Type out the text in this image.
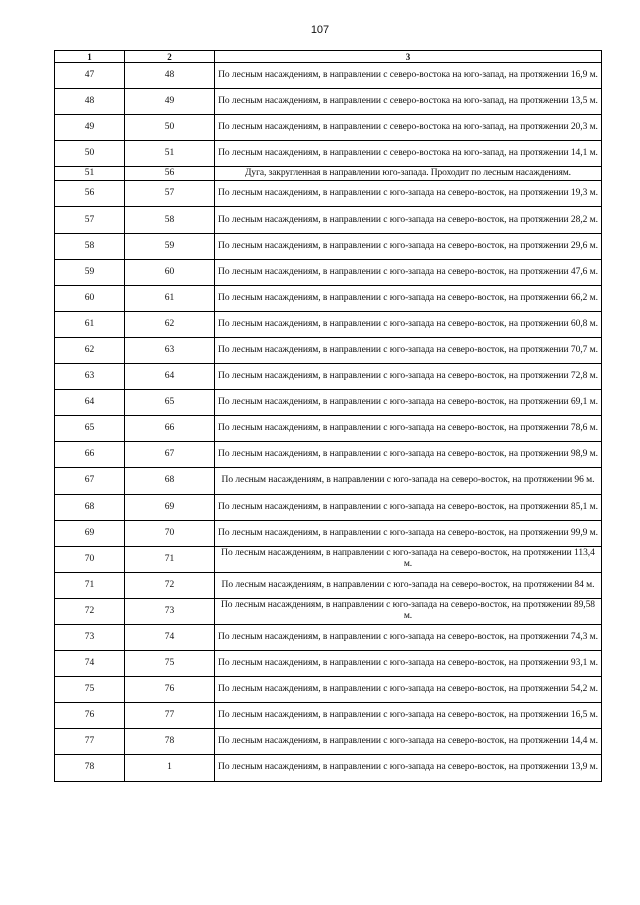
107
1	2	3
47	48	По лесным насаждениям, в направлении с северо-востока на юго-запад, на протяжении 16,9 м.
48	49	По лесным насаждениям, в направлении с северо-востока на юго-запад, на протяжении 13,5 м.
49	50	По лесным насаждениям, в направлении с северо-востока на юго-запад, на протяжении 20,3 м.
50	51	По лесным насаждениям, в направлении с северо-востока на юго-запад, на протяжении 14,1 м.
51	56	Дуга, закругленная в направлении юго-запада. Проходит по лесным насаждениям.
56	57	По лесным насаждениям, в направлении с юго-запада на северо-восток, на протяжении 19,3 м.
57	58	По лесным насаждениям, в направлении с юго-запада на северо-восток, на протяжении 28,2 м.
58	59	По лесным насаждениям, в направлении с юго-запада на северо-восток, на протяжении 29,6 м.
59	60	По лесным насаждениям, в направлении с юго-запада на северо-восток, на протяжении 47,6 м.
60	61	По лесным насаждениям, в направлении с юго-запада на северо-восток, на протяжении 66,2 м.
61	62	По лесным насаждениям, в направлении с юго-запада на северо-восток, на протяжении 60,8 м.
62	63	По лесным насаждениям, в направлении с юго-запада на северо-восток, на протяжении 70,7 м.
63	64	По лесным насаждениям, в направлении с юго-запада на северо-восток, на протяжении 72,8 м.
64	65	По лесным насаждениям, в направлении с юго-запада на северо-восток, на протяжении 69,1 м.
65	66	По лесным насаждениям, в направлении с юго-запада на северо-восток, на протяжении 78,6 м.
66	67	По лесным насаждениям, в направлении с юго-запада на северо-восток, на протяжении 98,9 м.
67	68	По лесным насаждениям, в направлении с юго-запада на северо-восток, на протяжении 96 м.
68	69	По лесным насаждениям, в направлении с юго-запада на северо-восток, на протяжении 85,1 м.
69	70	По лесным насаждениям, в направлении с юго-запада на северо-восток, на протяжении 99,9 м.
70	71	По лесным насаждениям, в направлении с юго-запада на северо-восток, на протяжении 113,4 м.
71	72	По лесным насаждениям, в направлении с юго-запада на северо-восток, на протяжении 84 м.
72	73	По лесным насаждениям, в направлении с юго-запада на северо-восток, на протяжении 89,58 м.
73	74	По лесным насаждениям, в направлении с юго-запада на северо-восток, на протяжении 74,3 м.
74	75	По лесным насаждениям, в направлении с юго-запада на северо-восток, на протяжении 93,1 м.
75	76	По лесным насаждениям, в направлении с юго-запада на северо-восток, на протяжении 54,2 м.
76	77	По лесным насаждениям, в направлении с юго-запада на северо-восток, на протяжении 16,5 м.
77	78	По лесным насаждениям, в направлении с юго-запада на северо-восток, на протяжении 14,4 м.
78	1	По лесным насаждениям, в направлении с юго-запада на северо-восток, на протяжении 13,9 м.
